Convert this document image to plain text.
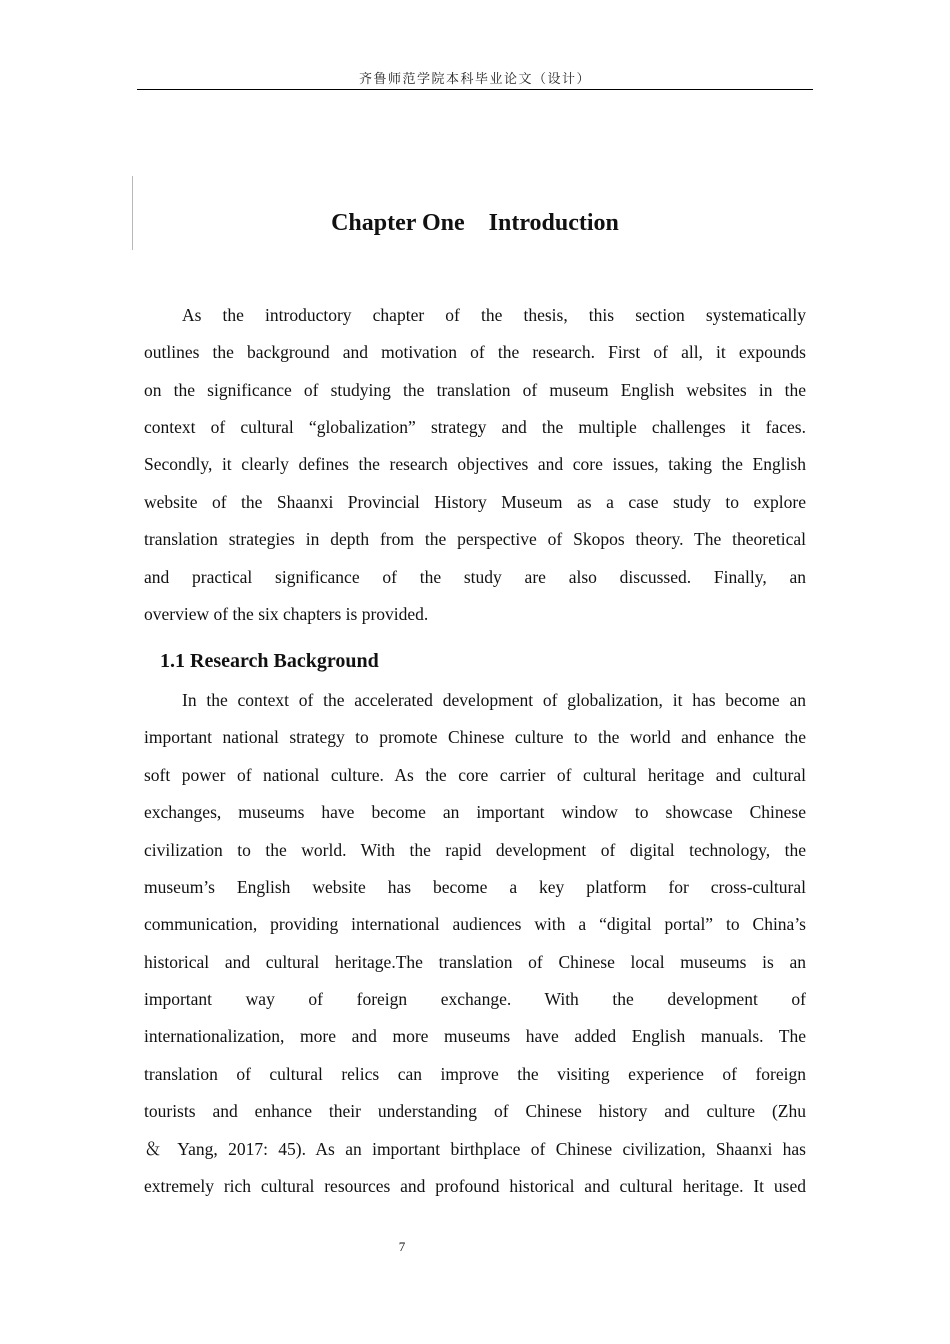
齐鲁师范学院本科毕业论文（设计）
Chapter One    Introduction
As the introductory chapter of the thesis, this section systematically
outlines the background and motivation of the research. First of all, it expounds
on the significance of studying the translation of museum English websites in the
context of cultural “globalization” strategy and the multiple challenges it faces.
Secondly, it clearly defines the research objectives and core issues, taking the English
website of the Shaanxi Provincial History Museum as a case study to explore
translation strategies in depth from the perspective of Skopos theory. The theoretical
and practical significance of the study are also discussed. Finally, an
overview of the six chapters is provided.
1.1 Research Background
In the context of the accelerated development of globalization, it has become an
important national strategy to promote Chinese culture to the world and enhance the
soft power of national culture. As the core carrier of cultural heritage and cultural
exchanges, museums have become an important window to showcase Chinese
civilization to the world. With the rapid development of digital technology, the
museum’s English website has become a key platform for cross-cultural
communication, providing international audiences with a “digital portal” to China’s
historical and cultural heritage.The translation of Chinese local museums is an
important way of foreign exchange. With the development of
internationalization, more and more museums have added English manuals. The
translation of cultural relics can improve the visiting experience of foreign
tourists and enhance their understanding of Chinese history and culture (Zhu
＆ Yang, 2017: 45). As an important birthplace of Chinese civilization, Shaanxi has
extremely rich cultural resources and profound historical and cultural heritage. It used
7
